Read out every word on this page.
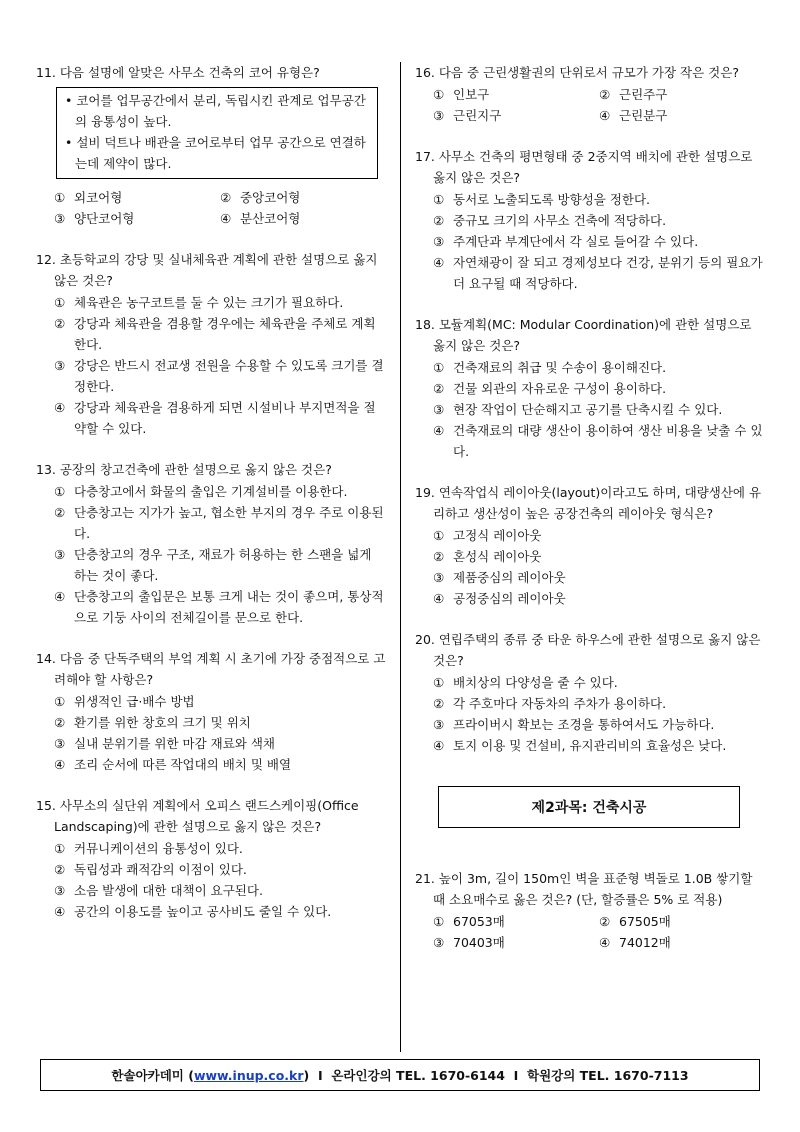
11. 다음 설명에 알맞은 사무소 건축의 코어 유형은?
• 코어를 업무공간에서 분리, 독립시킨 관계로 업무공간의 융통성이 높다.
• 설비 덕트나 배관을 코어로부터 업무 공간으로 연결하는데 제약이 많다.
① 외코어형	② 중앙코어형
③ 양단코어형	④ 분산코어형
12. 초등학교의 강당 및 실내체육관 계획에 관한 설명으로 옳지 않은 것은?
① 체육관은 농구코트를 둘 수 있는 크기가 필요하다.
② 강당과 체육관을 겸용할 경우에는 체육관을 주체로 계획한다.
③ 강당은 반드시 전교생 전원을 수용할 수 있도록 크기를 결정한다.
④ 강당과 체육관을 겸용하게 되면 시설비나 부지면적을 절약할 수 있다.
13. 공장의 창고건축에 관한 설명으로 옳지 않은 것은?
① 다층창고에서 화물의 출입은 기계설비를 이용한다.
② 단층창고는 지가가 높고, 협소한 부지의 경우 주로 이용된다.
③ 단층창고의 경우 구조, 재료가 허용하는 한 스팬을 넓게 하는 것이 좋다.
④ 단층창고의 출입문은 보통 크게 내는 것이 좋으며, 통상적으로 기둥 사이의 전체길이를 문으로 한다.
14. 다음 중 단독주택의 부엌 계획 시 초기에 가장 중점적으로 고려해야 할 사항은?
① 위생적인 급·배수 방법
② 환기를 위한 창호의 크기 및 위치
③ 실내 분위기를 위한 마감 재료와 색채
④ 조리 순서에 따른 작업대의 배치 및 배열
15. 사무소의 실단위 계획에서 오피스 랜드스케이핑(Office Landscaping)에 관한 설명으로 옳지 않은 것은?
① 커뮤니케이션의 융통성이 있다.
② 독립성과 쾌적감의 이점이 있다.
③ 소음 발생에 대한 대책이 요구된다.
④ 공간의 이용도를 높이고 공사비도 줄일 수 있다.
16. 다음 중 근린생활권의 단위로서 규모가 가장 작은 것은?
① 인보구	② 근린주구
③ 근린지구	④ 근린분구
17. 사무소 건축의 평면형태 중 2중지역 배치에 관한 설명으로 옳지 않은 것은?
① 동서로 노출되도록 방향성을 정한다.
② 중규모 크기의 사무소 건축에 적당하다.
③ 주계단과 부계단에서 각 실로 들어갈 수 있다.
④ 자연채광이 잘 되고 경제성보다 건강, 분위기 등의 필요가 더 요구될 때 적당하다.
18. 모듈계획(MC: Modular Coordination)에 관한 설명으로 옳지 않은 것은?
① 건축재료의 취급 및 수송이 용이해진다.
② 건물 외관의 자유로운 구성이 용이하다.
③ 현장 작업이 단순해지고 공기를 단축시킬 수 있다.
④ 건축재료의 대량 생산이 용이하여 생산 비용을 낮출 수 있다.
19. 연속작업식 레이아웃(layout)이라고도 하며, 대량생산에 유리하고 생산성이 높은 공장건축의 레이아웃 형식은?
① 고정식 레이아웃
② 혼성식 레이아웃
③ 제품중심의 레이아웃
④ 공정중심의 레이아웃
20. 연립주택의 종류 중 타운 하우스에 관한 설명으로 옳지 않은 것은?
① 배치상의 다양성을 줄 수 있다.
② 각 주호마다 자동차의 주차가 용이하다.
③ 프라이버시 확보는 조경을 통하여서도 가능하다.
④ 토지 이용 및 건설비, 유지관리비의 효율성은 낮다.
제2과목: 건축시공
21. 높이 3m, 길이 150m인 벽을 표준형 벽돌로 1.0B 쌓기할 때 소요매수로 옳은 것은? (단, 할증률은 5% 로 적용)
① 67053매	② 67505매
③ 70403매	④ 74012매
한솔아카데미 ( www.inup.co.kr )  I  온라인강의 TEL. 1670-6144  I  학원강의 TEL. 1670-7113
